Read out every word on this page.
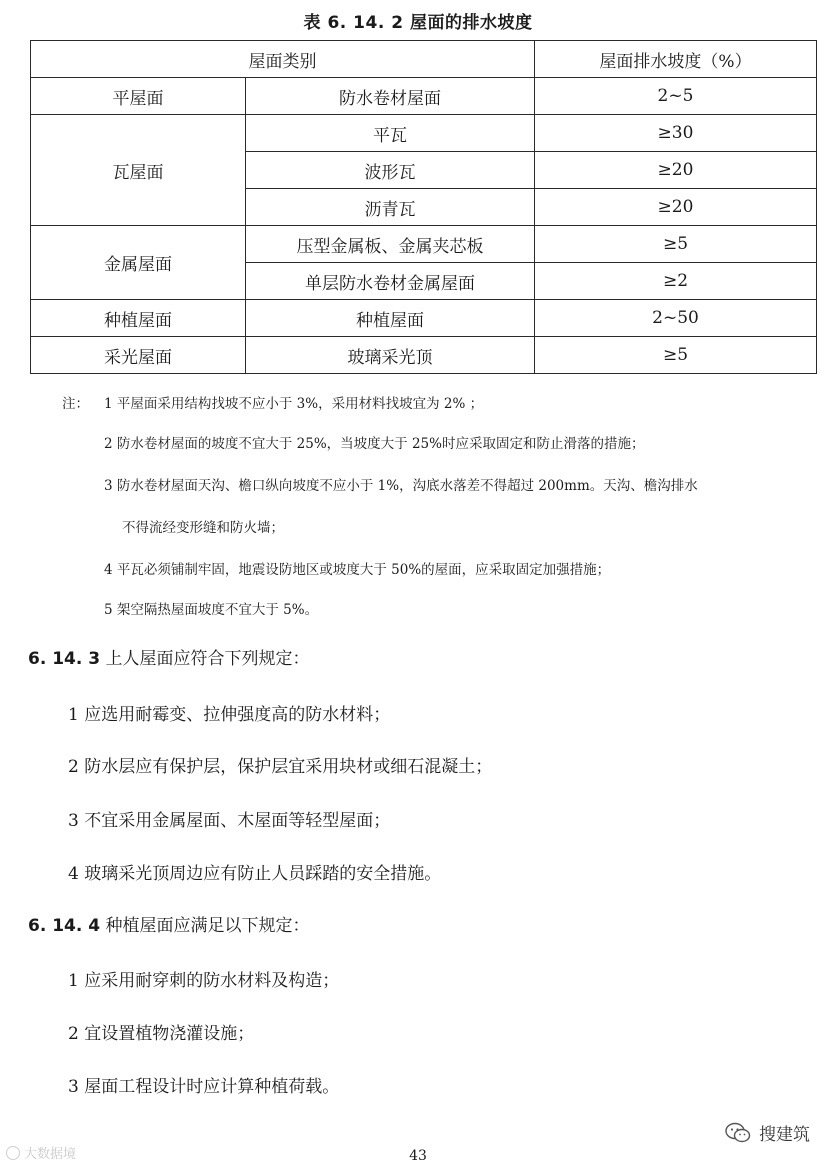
表 6. 14. 2 屋面的排水坡度
屋面类别		屋面排水坡度（%）
平屋面	防水卷材屋面	2~5
瓦屋面	平瓦	≥30
	波形瓦	≥20
	沥青瓦	≥20
金属屋面	压型金属板、金属夹芯板	≥5
	单层防水卷材金属屋面	≥2
种植屋面	种植屋面	2~50
采光屋面	玻璃采光顶	≥5
注： 1 平屋面采用结构找坡不应小于 3%，采用材料找坡宜为 2% ；
2 防水卷材屋面的坡度不宜大于 25%，当坡度大于 25%时应采取固定和防止滑落的措施；
3 防水卷材屋面天沟、檐口纵向坡度不应小于 1%，沟底水落差不得超过 200mm。天沟、檐沟排水
不得流经变形缝和防火墙；
4 平瓦必须铺制牢固，地震设防地区或坡度大于 50%的屋面，应采取固定加强措施；
5 架空隔热屋面坡度不宜大于 5%。
6. 14. 3 上人屋面应符合下列规定：
1 应选用耐霉变、拉伸强度高的防水材料；
2 防水层应有保护层，保护层宜采用块材或细石混凝土；
3 不宜采用金属屋面、木屋面等轻型屋面；
4 玻璃采光顶周边应有防止人员踩踏的安全措施。
6. 14. 4 种植屋面应满足以下规定：
1 应采用耐穿刺的防水材料及构造；
2 宜设置植物浇灌设施；
3 屋面工程设计时应计算种植荷载。
大数据境	43
搜建筑
